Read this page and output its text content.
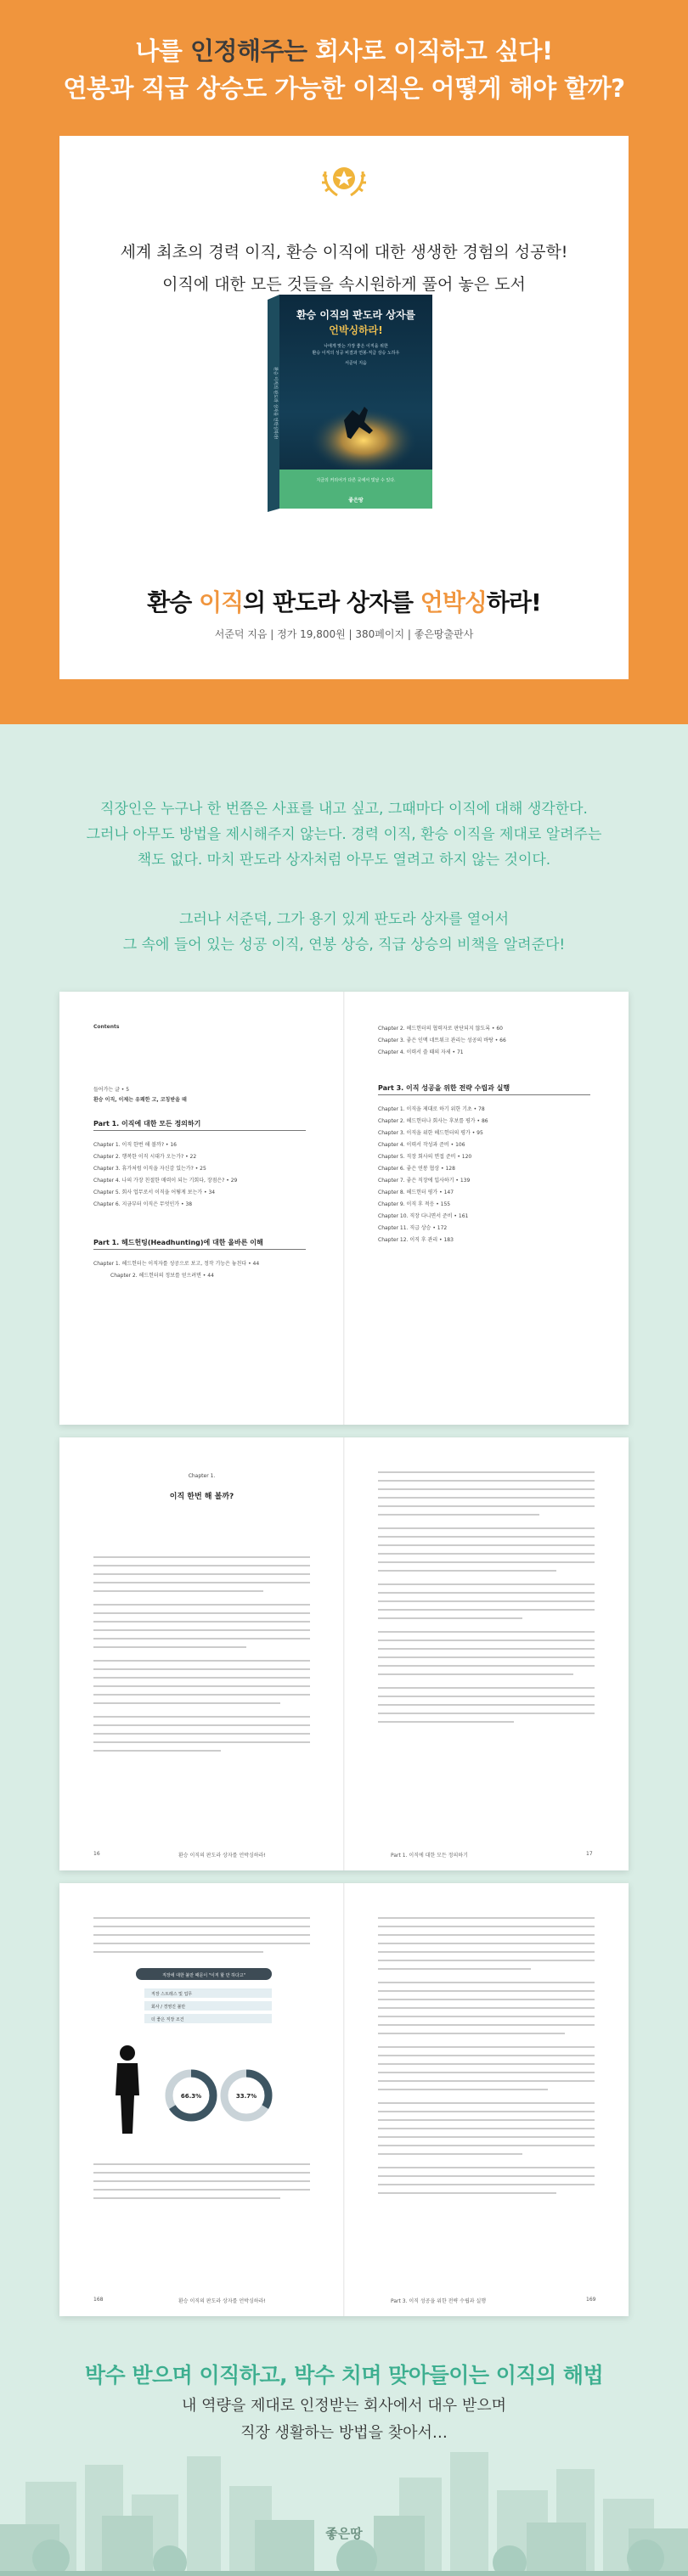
나를 인정해주는 회사로 이직하고 싶다!
연봉과 직급 상승도 가능한 이직은 어떻게 해야 할까?
세계 최초의 경력 이직, 환승 이직에 대한 생생한 경험의 성공학!
이직에 대한 모든 것들을 속시원하게 풀어 놓은 도서
환승 이직의 판도라 상자를
언박싱하라!
나에게 맞는 가장 좋은 이직을 위한
환승 이직의 성공 비결과 연봉·직급 상승 노하우
서준덕 지음
지금의 커리어가 다른 곳에서 빛날 수 있다.
좋은땅
환승 이직의 판도라 상자를 언박싱하라!
환승 이직의 판도라 상자를 언박싱하라!
서준덕 지음 | 정가 19,800원 | 380페이지 | 좋은땅출판사
직장인은 누구나 한 번쯤은 사표를 내고 싶고, 그때마다 이직에 대해 생각한다.
그러나 아무도 방법을 제시해주지 않는다. 경력 이직, 환승 이직을 제대로 알려주는
책도 없다. 마치 판도라 상자처럼 아무도 열려고 하지 않는 것이다.
그러나 서준덕, 그가 용기 있게 판도라 상자를 열어서
그 속에 들어 있는 성공 이직, 연봉 상승, 직급 상승의 비책을 알려준다!
Contents
들어가는 글 • 5
환승 이직, 이제는 유쾌한 고, 코칭받을 때
Part 1. 이직에 대한 모든 정의하기
Chapter 1. 이직 한번 해 볼까? • 16
Chapter 2. 행복한 이직 시대가 오는가? • 22
Chapter 3. 휴가처럼 이직을 자신감 있는가? • 25
Chapter 4. 나의 가장 친절한 매력이 되는 기회다, 장점은? • 29
Chapter 5. 회사 업무로서 이직을 어떻게 보는가 • 34
Chapter 6. 지금부터 이직은 무엇인가 • 38
Part 1. 헤드헌팅(Headhunting)에 대한 올바른 이해
Chapter 1. 헤드헌터는 이직자를 성공으로 보고, 정작 기능은 놓친다 • 44
Chapter 2. 헤드헌터의 정보를 얻으려면 • 44
Chapter 2. 헤드헌터의 협력자로 판단되지 않도록 • 60
Chapter 3. 좋은 인맥 네트워크 관리는 성공의 바탕 • 66
Chapter 4. 이력서 쓸 때의 자세 • 71
Part 3. 이직 성공을 위한 전략 수립과 실행
Chapter 1. 이직을 제대로 하기 위한 기초 • 78
Chapter 2. 헤드헌터나 회사는 후보를 평가 • 86
Chapter 3. 이직을 위한 헤드헌터의 평가 • 95
Chapter 4. 이력서 작성과 준비 • 106
Chapter 5. 직장 회사의 면접 준비 • 120
Chapter 6. 좋은 연봉 협상 • 128
Chapter 7. 좋은 직장에 입사하기 • 139
Chapter 8. 헤드헌터 평가 • 147
Chapter 9. 이직 후 적응 • 155
Chapter 10. 직장 다니면서 준비 • 161
Chapter 11. 직급 상승 • 172
Chapter 12. 이직 후 관리 • 183
Chapter 1.
이직 한번 해 볼까?
16	환승 이직의 판도라 상자를 언박싱하라!	Part 1. 이직에 대한 모든 정의하기	17
직장에 대한 불만 때문이 "이직 할 만 하다고"
직장 스트레스 및 업무
회사 / 경영진 불만
더 좋은 직장 조건
66.3%	33.7%
168	환승 이직의 판도라 상자를 언박싱하라!	Part 3. 이직 성공을 위한 전략 수립과 실행	169
박수 받으며 이직하고, 박수 치며 맞아들이는 이직의 해법
내 역량을 제대로 인정받는 회사에서 대우 받으며
직장 생활하는 방법을 찾아서…
좋은땅
